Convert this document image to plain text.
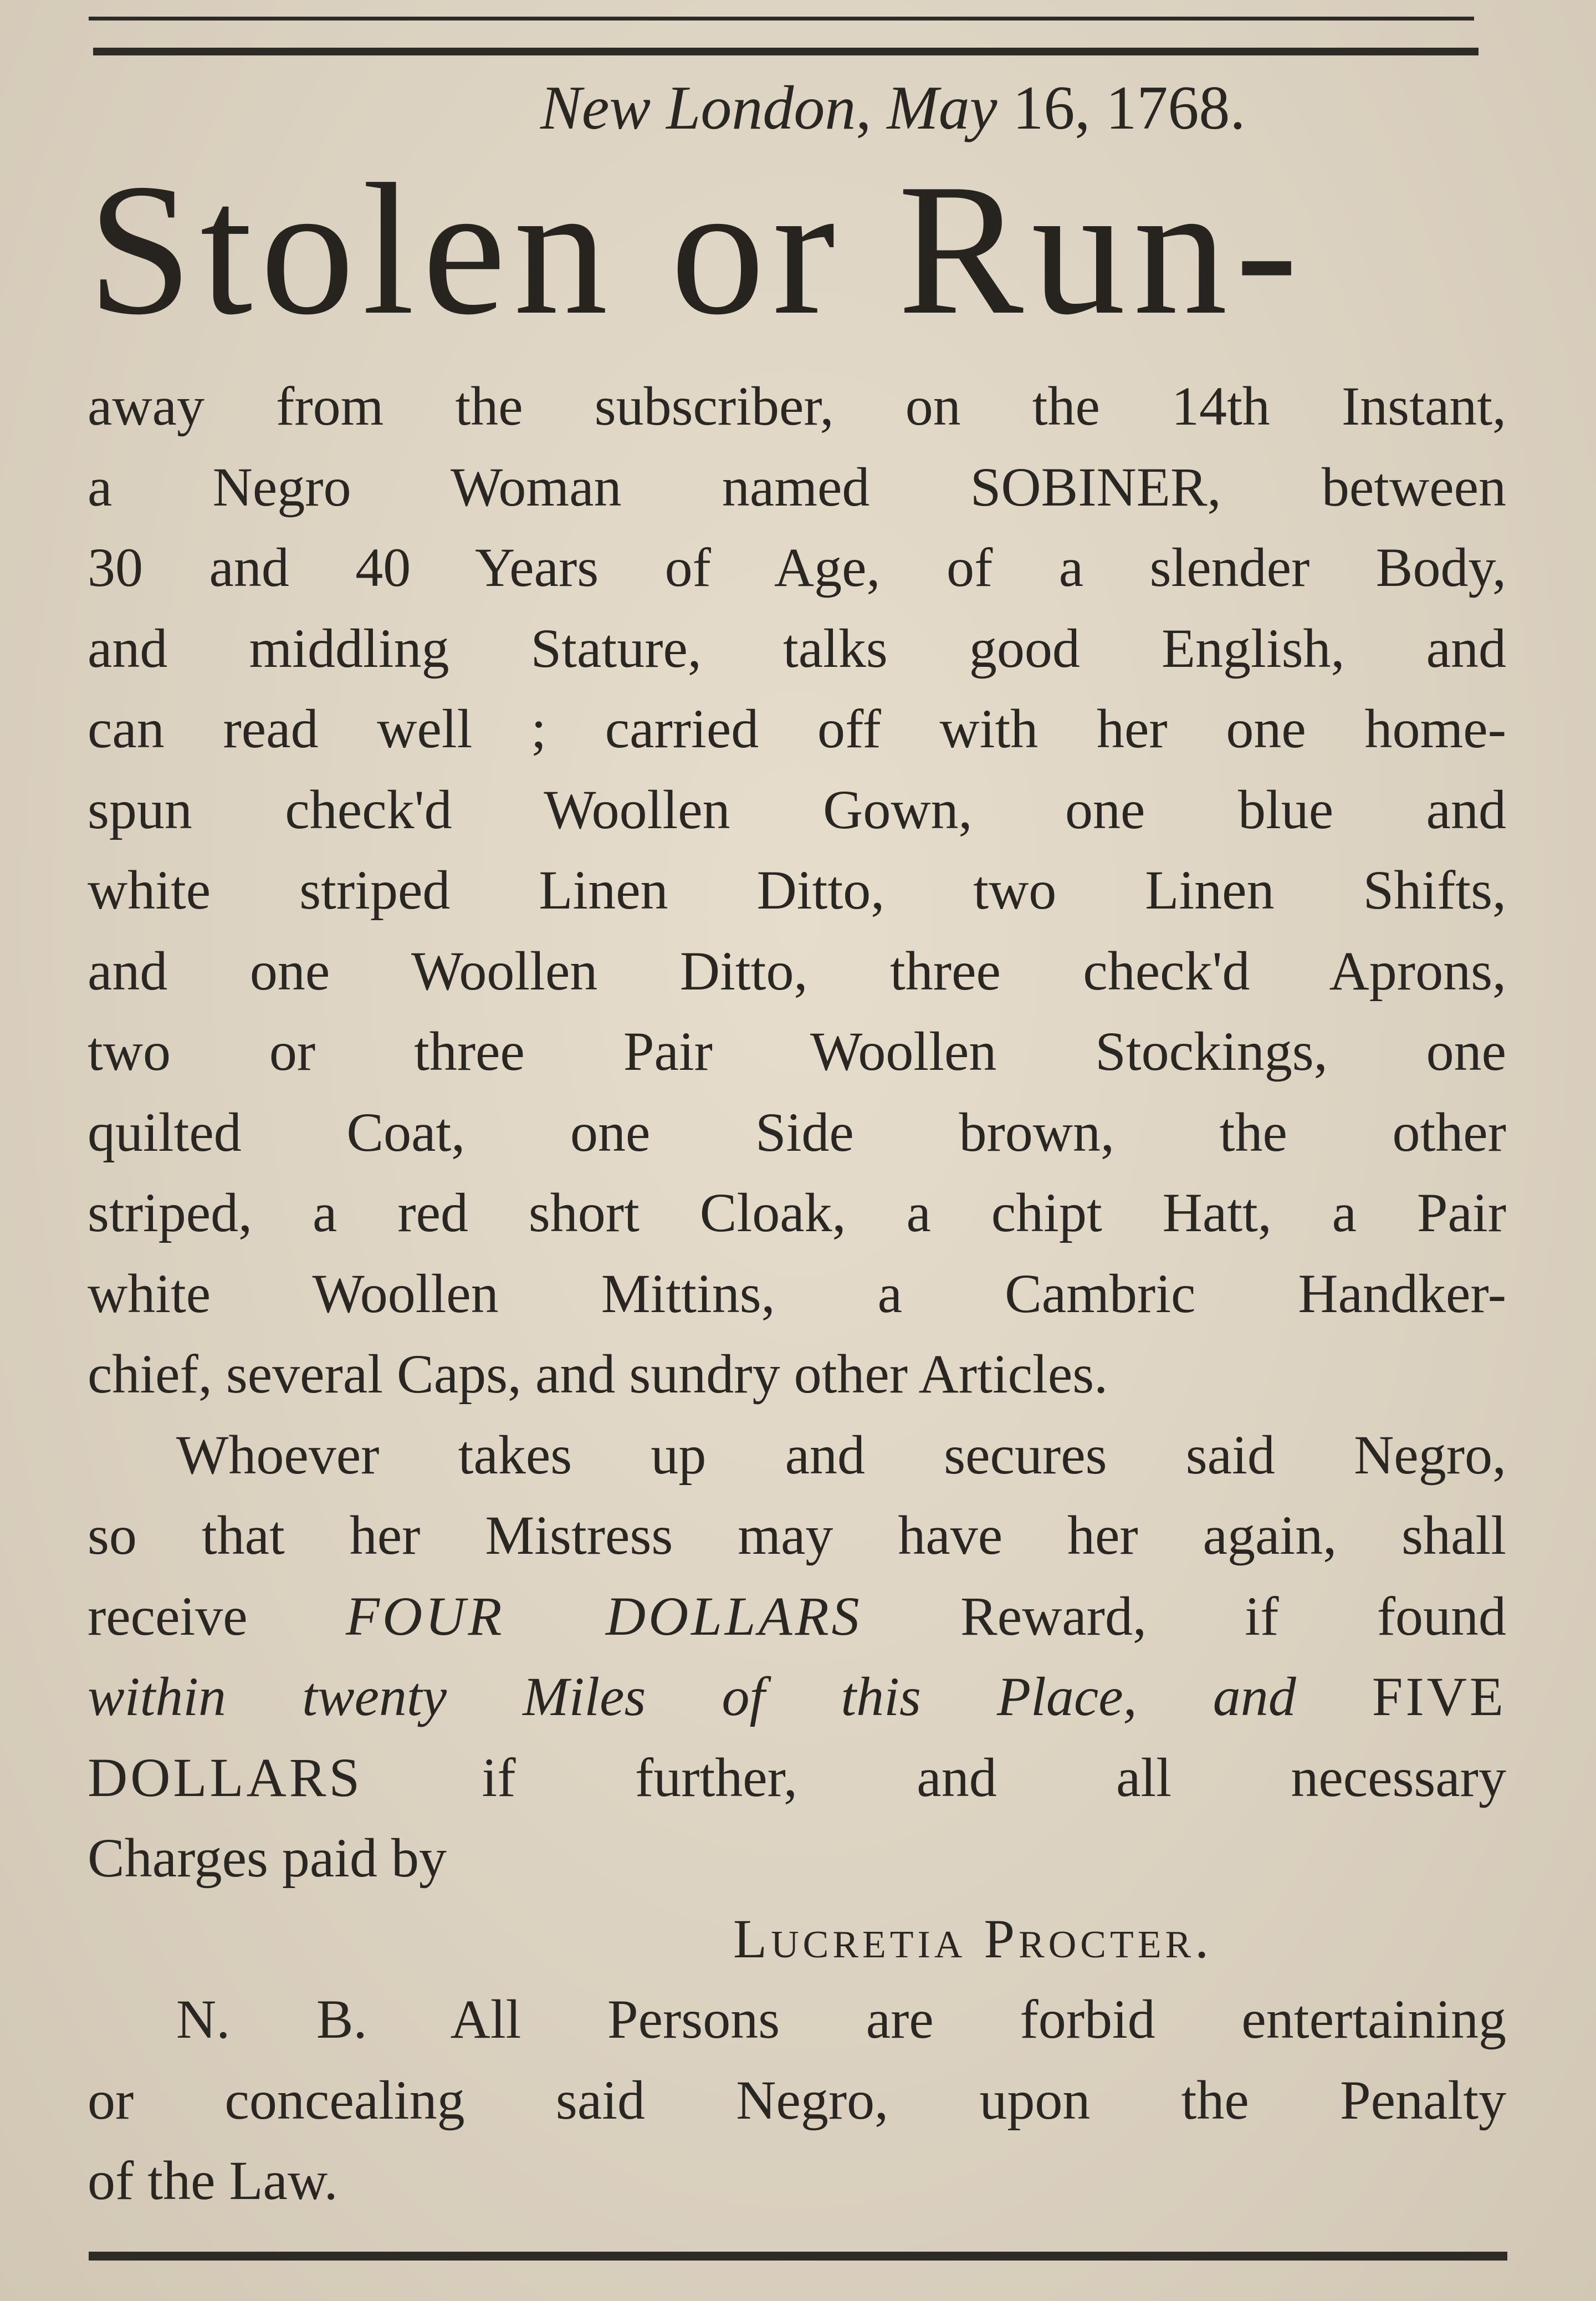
New London, May 16, 1768.
Stolen or Run-
away from the subscriber, on the 14th Instant,
a Negro Woman named SOBINER, between
30 and 40 Years of Age, of a slender Body,
and middling Stature, talks good English, and
can read well ; carried off with her one home-
spun check'd Woollen Gown, one blue and
white striped Linen Ditto, two Linen Shifts,
and one Woollen Ditto, three check'd Aprons,
two or three Pair Woollen Stockings, one
quilted Coat, one Side brown, the other
striped, a red short Cloak, a chipt Hatt, a Pair
white Woollen Mittins, a Cambric Handker-
chief, several Caps, and sundry other Articles.
Whoever takes up and secures said Negro,
so that her Mistress may have her again, shall
receive FOUR DOLLARS Reward, if found
within twenty Miles of this Place, and FIVE
DOLLARS if further, and all necessary
Charges paid by
Lucretia Procter.
N. B. All Persons are forbid entertaining
or concealing said Negro, upon the Penalty
of the Law.
